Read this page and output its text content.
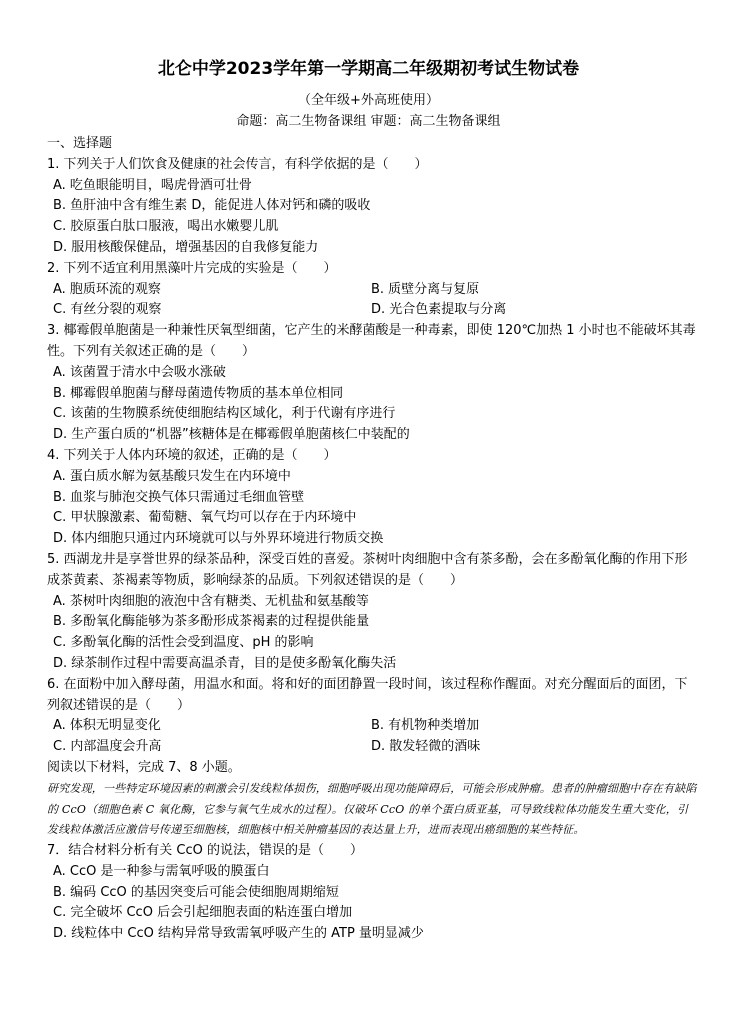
北仑中学2023学年第一学期高二年级期初考试生物试卷
（全年级+外高班使用）
命题：高二生物备课组 审题：高二生物备课组

一、选择题

1. 下列关于人们饮食及健康的社会传言，有科学依据的是（　　）

A. 吃鱼眼能明目，喝虎骨酒可壮骨

B. 鱼肝油中含有维生素 D，能促进人体对钙和磷的吸收

C. 胶原蛋白肽口服液，喝出水嫩婴儿肌

D. 服用核酸保健品，增强基因的自我修复能力

2. 下列不适宜利用黑藻叶片完成的实验是（　　）

A. 胞质环流的观察	B. 质壁分离与复原

C. 有丝分裂的观察	D. 光合色素提取与分离

3. 椰霉假单胞菌是一种兼性厌氧型细菌，它产生的米酵菌酸是一种毒素，即使 120℃加热 1 小时也不能破坏其毒性。下列有关叙述正确的是（　　）

A. 该菌置于清水中会吸水涨破

B. 椰霉假单胞菌与酵母菌遗传物质的基本单位相同

C. 该菌的生物膜系统使细胞结构区域化，利于代谢有序进行

D. 生产蛋白质的“机器”核糖体是在椰霉假单胞菌核仁中装配的

4. 下列关于人体内环境的叙述，正确的是（　　）

A. 蛋白质水解为氨基酸只发生在内环境中

B. 血浆与肺泡交换气体只需通过毛细血管壁

C. 甲状腺激素、葡萄糖、氧气均可以存在于内环境中

D. 体内细胞只通过内环境就可以与外界环境进行物质交换

5. 西湖龙井是享誉世界的绿茶品种，深受百姓的喜爱。茶树叶肉细胞中含有茶多酚，会在多酚氧化酶的作用下形成茶黄素、茶褐素等物质，影响绿茶的品质。下列叙述错误的是（　　）

A. 茶树叶肉细胞的液泡中含有糖类、无机盐和氨基酸等

B. 多酚氧化酶能够为茶多酚形成茶褐素的过程提供能量

C. 多酚氧化酶的活性会受到温度、pH 的影响

D. 绿茶制作过程中需要高温杀青，目的是使多酚氧化酶失活

6. 在面粉中加入酵母菌，用温水和面。将和好的面团静置一段时间，该过程称作醒面。对充分醒面后的面团，下列叙述错误的是（　　）

A. 体积无明显变化	B. 有机物种类增加

C. 内部温度会升高	D. 散发轻微的酒味

阅读以下材料，完成 7、8 小题。

研究发现，一些特定环境因素的刺激会引发线粒体损伤，细胞呼吸出现功能障碍后，可能会形成肿瘤。患者的肿瘤细胞中存在有缺陷的 CcO（细胞色素 C 氧化酶，它参与氧气生成水的过程）。仅破坏 CcO 的单个蛋白质亚基，可导致线粒体功能发生重大变化，引发线粒体激活应激信号传递至细胞核，细胞核中相关肿瘤基因的表达量上升，进而表现出癌细胞的某些特征。

7．结合材料分析有关 CcO 的说法，错误的是（　　）

A. CcO 是一种参与需氧呼吸的膜蛋白

B. 编码 CcO 的基因突变后可能会使细胞周期缩短

C. 完全破坏 CcO 后会引起细胞表面的粘连蛋白增加

D. 线粒体中 CcO 结构异常导致需氧呼吸产生的 ATP 量明显减少
